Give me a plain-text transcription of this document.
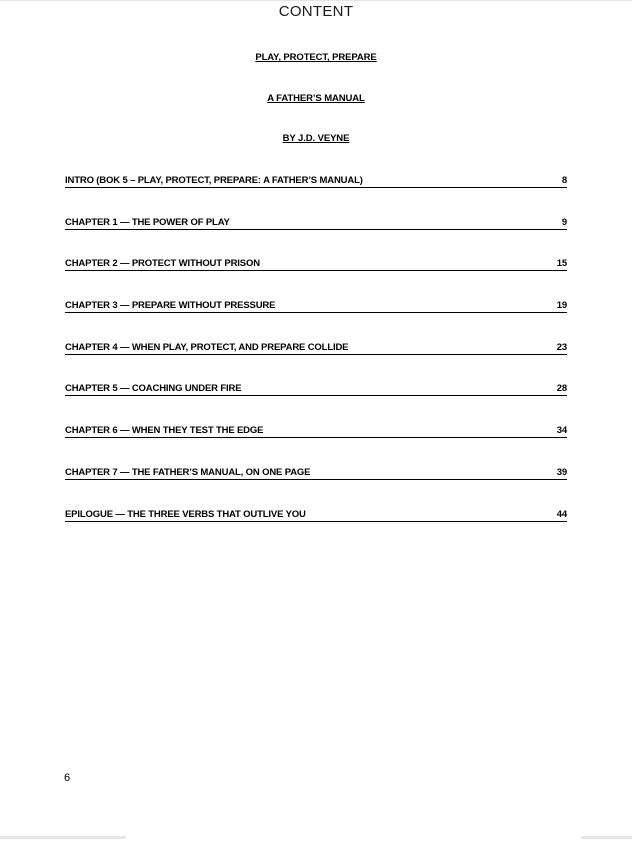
CONTENT
PLAY, PROTECT, PREPARE
A FATHER’S MANUAL
BY J.D. VEYNE
INTRO (BOK 5 – PLAY, PROTECT, PREPARE: A FATHER’S MANUAL)	8
CHAPTER 1 — THE POWER OF PLAY	9
CHAPTER 2 — PROTECT WITHOUT PRISON	15
CHAPTER 3 — PREPARE WITHOUT PRESSURE	19
CHAPTER 4 — WHEN PLAY, PROTECT, AND PREPARE COLLIDE	23
CHAPTER 5 — COACHING UNDER FIRE	28
CHAPTER 6 — WHEN THEY TEST THE EDGE	34
CHAPTER 7 — THE FATHER’S MANUAL, ON ONE PAGE	39
EPILOGUE — THE THREE VERBS THAT OUTLIVE YOU	44
6
